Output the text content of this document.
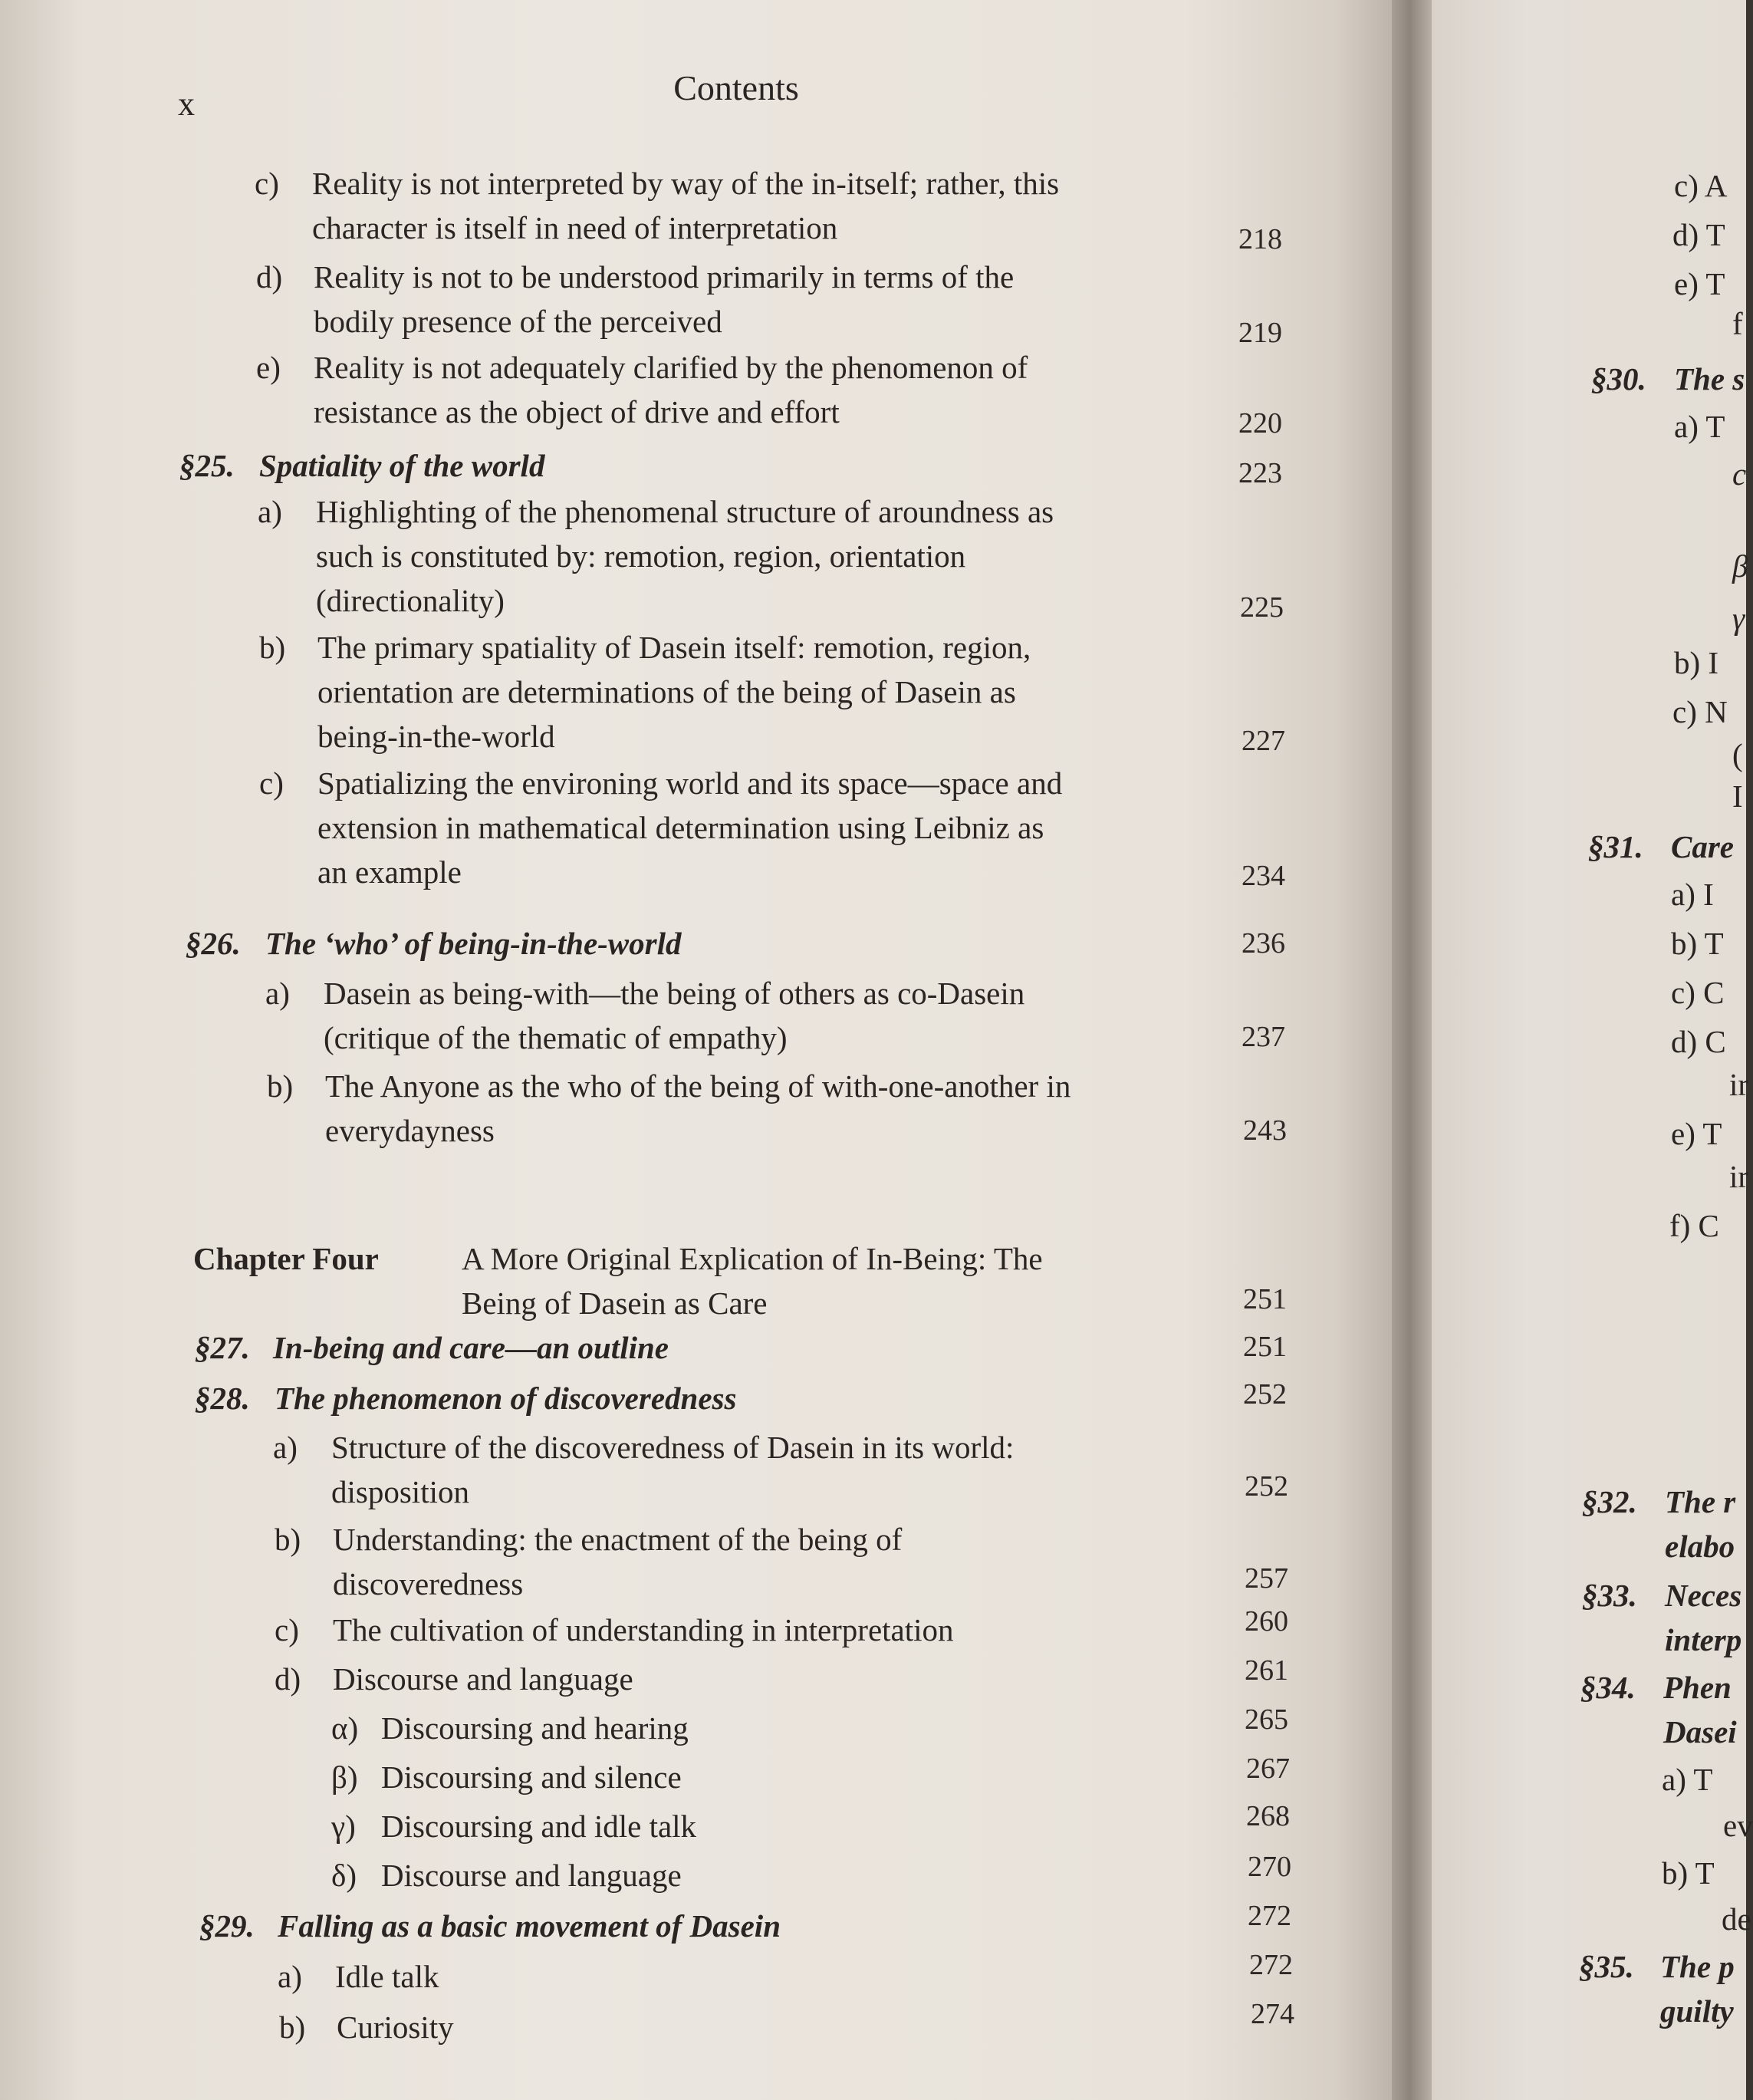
x	Contents
c) Reality is not interpreted by way of the in-itself; rather, this
character is itself in need of interpretation	218
d) Reality is not to be understood primarily in terms of the
bodily presence of the perceived	219
e) Reality is not adequately clarified by the phenomenon of
resistance as the object of drive and effort	220
§25. Spatiality of the world	223
a) Highlighting of the phenomenal structure of aroundness as
such is constituted by: remotion, region, orientation
(directionality)	225
b) The primary spatiality of Dasein itself: remotion, region,
orientation are determinations of the being of Dasein as
being-in-the-world	227
c) Spatializing the environing world and its space—space and
extension in mathematical determination using Leibniz as
an example	234
§26. The ‘who’ of being-in-the-world	236
a) Dasein as being-with—the being of others as co-Dasein
(critique of the thematic of empathy)	237
b) The Anyone as the who of the being of with-one-another in
everydayness	243
Chapter Four	A More Original Explication of In-Being: The
Being of Dasein as Care	251
§27. In-being and care—an outline	251
§28. The phenomenon of discoveredness	252
a) Structure of the discoveredness of Dasein in its world:
disposition	252
b) Understanding: the enactment of the being of
discoveredness	257
c) The cultivation of understanding in interpretation	260
d) Discourse and language	261
α) Discoursing and hearing	265
β) Discoursing and silence	267
γ) Discoursing and idle talk	268
δ) Discourse and language	270
§29. Falling as a basic movement of Dasein	272
a) Idle talk	272
b) Curiosity	274
c) A
d) T
e) T
f
§30. The s
a) T
c
β
γ
b) I
c) N
(
I
§31. Care
a) I
b) T
c) C
d) C
ir
e) T
ir
f) C
§32. The r
elabo
§33. Neces
interp
§34. Phen
Dasei
a) T
ev
b) T
de
§35. The p
guilty
